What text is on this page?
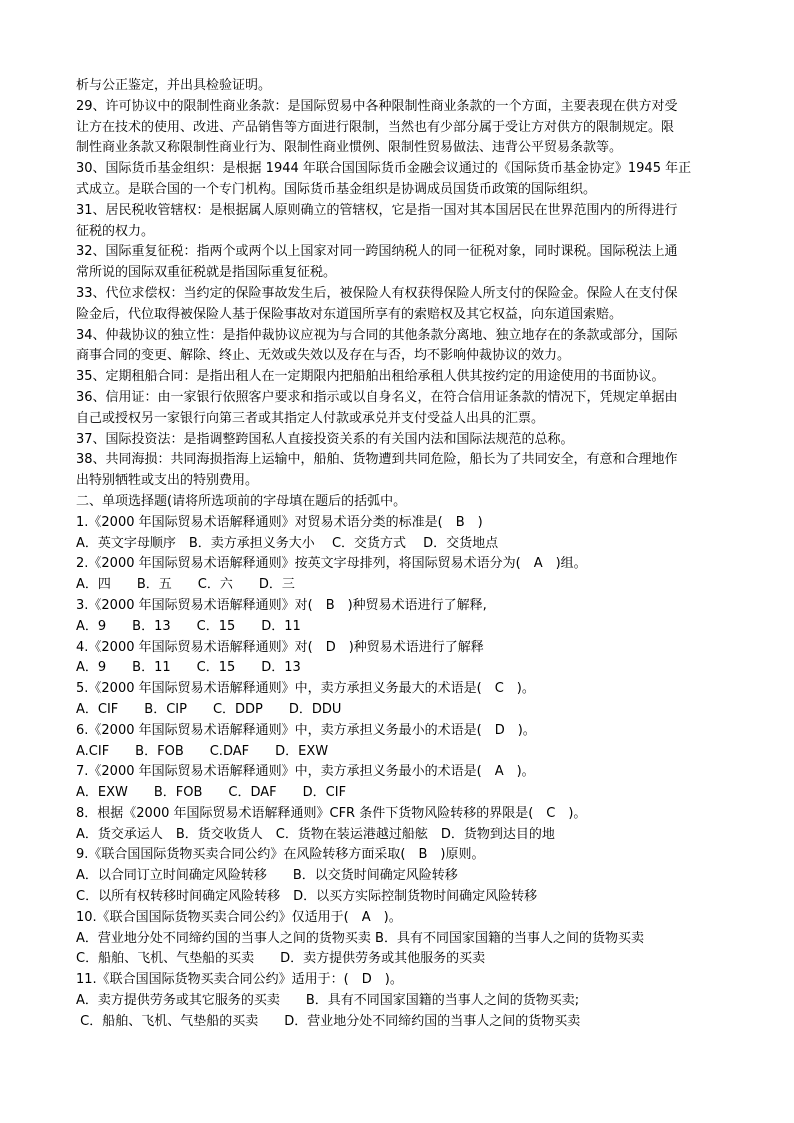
析与公正鉴定，并出具检验证明。
29、许可协议中的限制性商业条款：是国际贸易中各种限制性商业条款的一个方面，主要表现在供方对受
让方在技术的使用、改进、产品销售等方面进行限制，当然也有少部分属于受让方对供方的限制规定。限
制性商业条款又称限制性商业行为、限制性商业惯例、限制性贸易做法、违背公平贸易条款等。
30、国际货币基金组织：是根据 1944 年联合国国际货币金融会议通过的《国际货币基金协定》1945 年正
式成立。是联合国的一个专门机构。国际货币基金组织是协调成员国货币政策的国际组织。
31、居民税收管辖权：是根据属人原则确立的管辖权，它是指一国对其本国居民在世界范围内的所得进行
征税的权力。
32、国际重复征税：指两个或两个以上国家对同一跨国纳税人的同一征税对象，同时课税。国际税法上通
常所说的国际双重征税就是指国际重复征税。
33、代位求偿权：当约定的保险事故发生后，被保险人有权获得保险人所支付的保险金。保险人在支付保
险金后，代位取得被保险人基于保险事故对东道国所享有的索赔权及其它权益，向东道国索赔。
34、仲裁协议的独立性：是指仲裁协议应视为与合同的其他条款分离地、独立地存在的条款或部分，国际
商事合同的变更、解除、终止、无效或失效以及存在与否，均不影响仲裁协议的效力。
35、定期租船合同：是指出租人在一定期限内把船舶出租给承租人供其按约定的用途使用的书面协议。
36、信用证：由一家银行依照客户要求和指示或以自身名义，在符合信用证条款的情况下，凭规定单据由
自己或授权另一家银行向第三者或其指定人付款或承兑并支付受益人出具的汇票。
37、国际投资法：是指调整跨国私人直接投资关系的有关国内法和国际法规范的总称。
38、共同海损：共同海损指海上运输中，船舶、货物遭到共同危险，船长为了共同安全，有意和合理地作
出特别牺牲或支出的特别费用。
二、单项选择题(请将所选项前的字母填在题后的括弧中。
1.《2000 年国际贸易术语解释通则》对贸易术语分类的标准是(　B　)
A．英文字母顺序　B．卖方承担义务大小　 C．交货方式　 D．交货地点
2.《2000 年国际贸易术语解释通则》按英文字母排列，将国际贸易术语分为(　A　)组。
A．四　　B．五　　C．六　　D．三
3.《2000 年国际贸易术语解释通则》对(　B　)种贸易术语进行了解释,
A．9　　B．13　　C．15　　D．11
4.《2000 年国际贸易术语解释通则》对(　D　)种贸易术语进行了解释
A．9　　B．11　　C．15　　D．13
5.《2000 年国际贸易术语解释通则》中，卖方承担义务最大的术语是(　C　)。
A．CIF　　B．CIP　　C．DDP　　D．DDU
6.《2000 年国际贸易术语解释通则》中，卖方承担义务最小的术语是(　D　)。
A.CIF　　B．FOB　　C.DAF　　D．EXW
7.《2000 年国际贸易术语解释通则》中，卖方承担义务最小的术语是(　A　)。
A．EXW　　B．FOB　　C．DAF　　D．CIF
8．根据《2000 年国际贸易术语解释通则》CFR 条件下货物风险转移的界限是(　C　)。
A．货交承运人　B．货交收货人　C．货物在装运港越过船舷　D．货物到达目的地
9.《联合国国际货物买卖合同公约》在风险转移方面采取(　B　)原则。
A．以合同订立时间确定风险转移　　B．以交货时间确定风险转移
C．以所有权转移时间确定风险转移　D．以买方实际控制货物时间确定风险转移
10.《联合国国际货物买卖合同公约》仅适用于(　A　)。
A．营业地分处不同缔约国的当事人之间的货物买卖 B．具有不同国家国籍的当事人之间的货物买卖
C．船舶、飞机、气垫船的买卖　　D．卖方提供劳务或其他服务的买卖
11.《联合国国际货物买卖合同公约》适用于：(　D　)。
A．卖方提供劳务或其它服务的买卖　　B．具有不同国家国籍的当事人之间的货物买卖;
C．船舶、飞机、气垫船的买卖　　D．营业地分处不同缔约国的当事人之间的货物买卖
